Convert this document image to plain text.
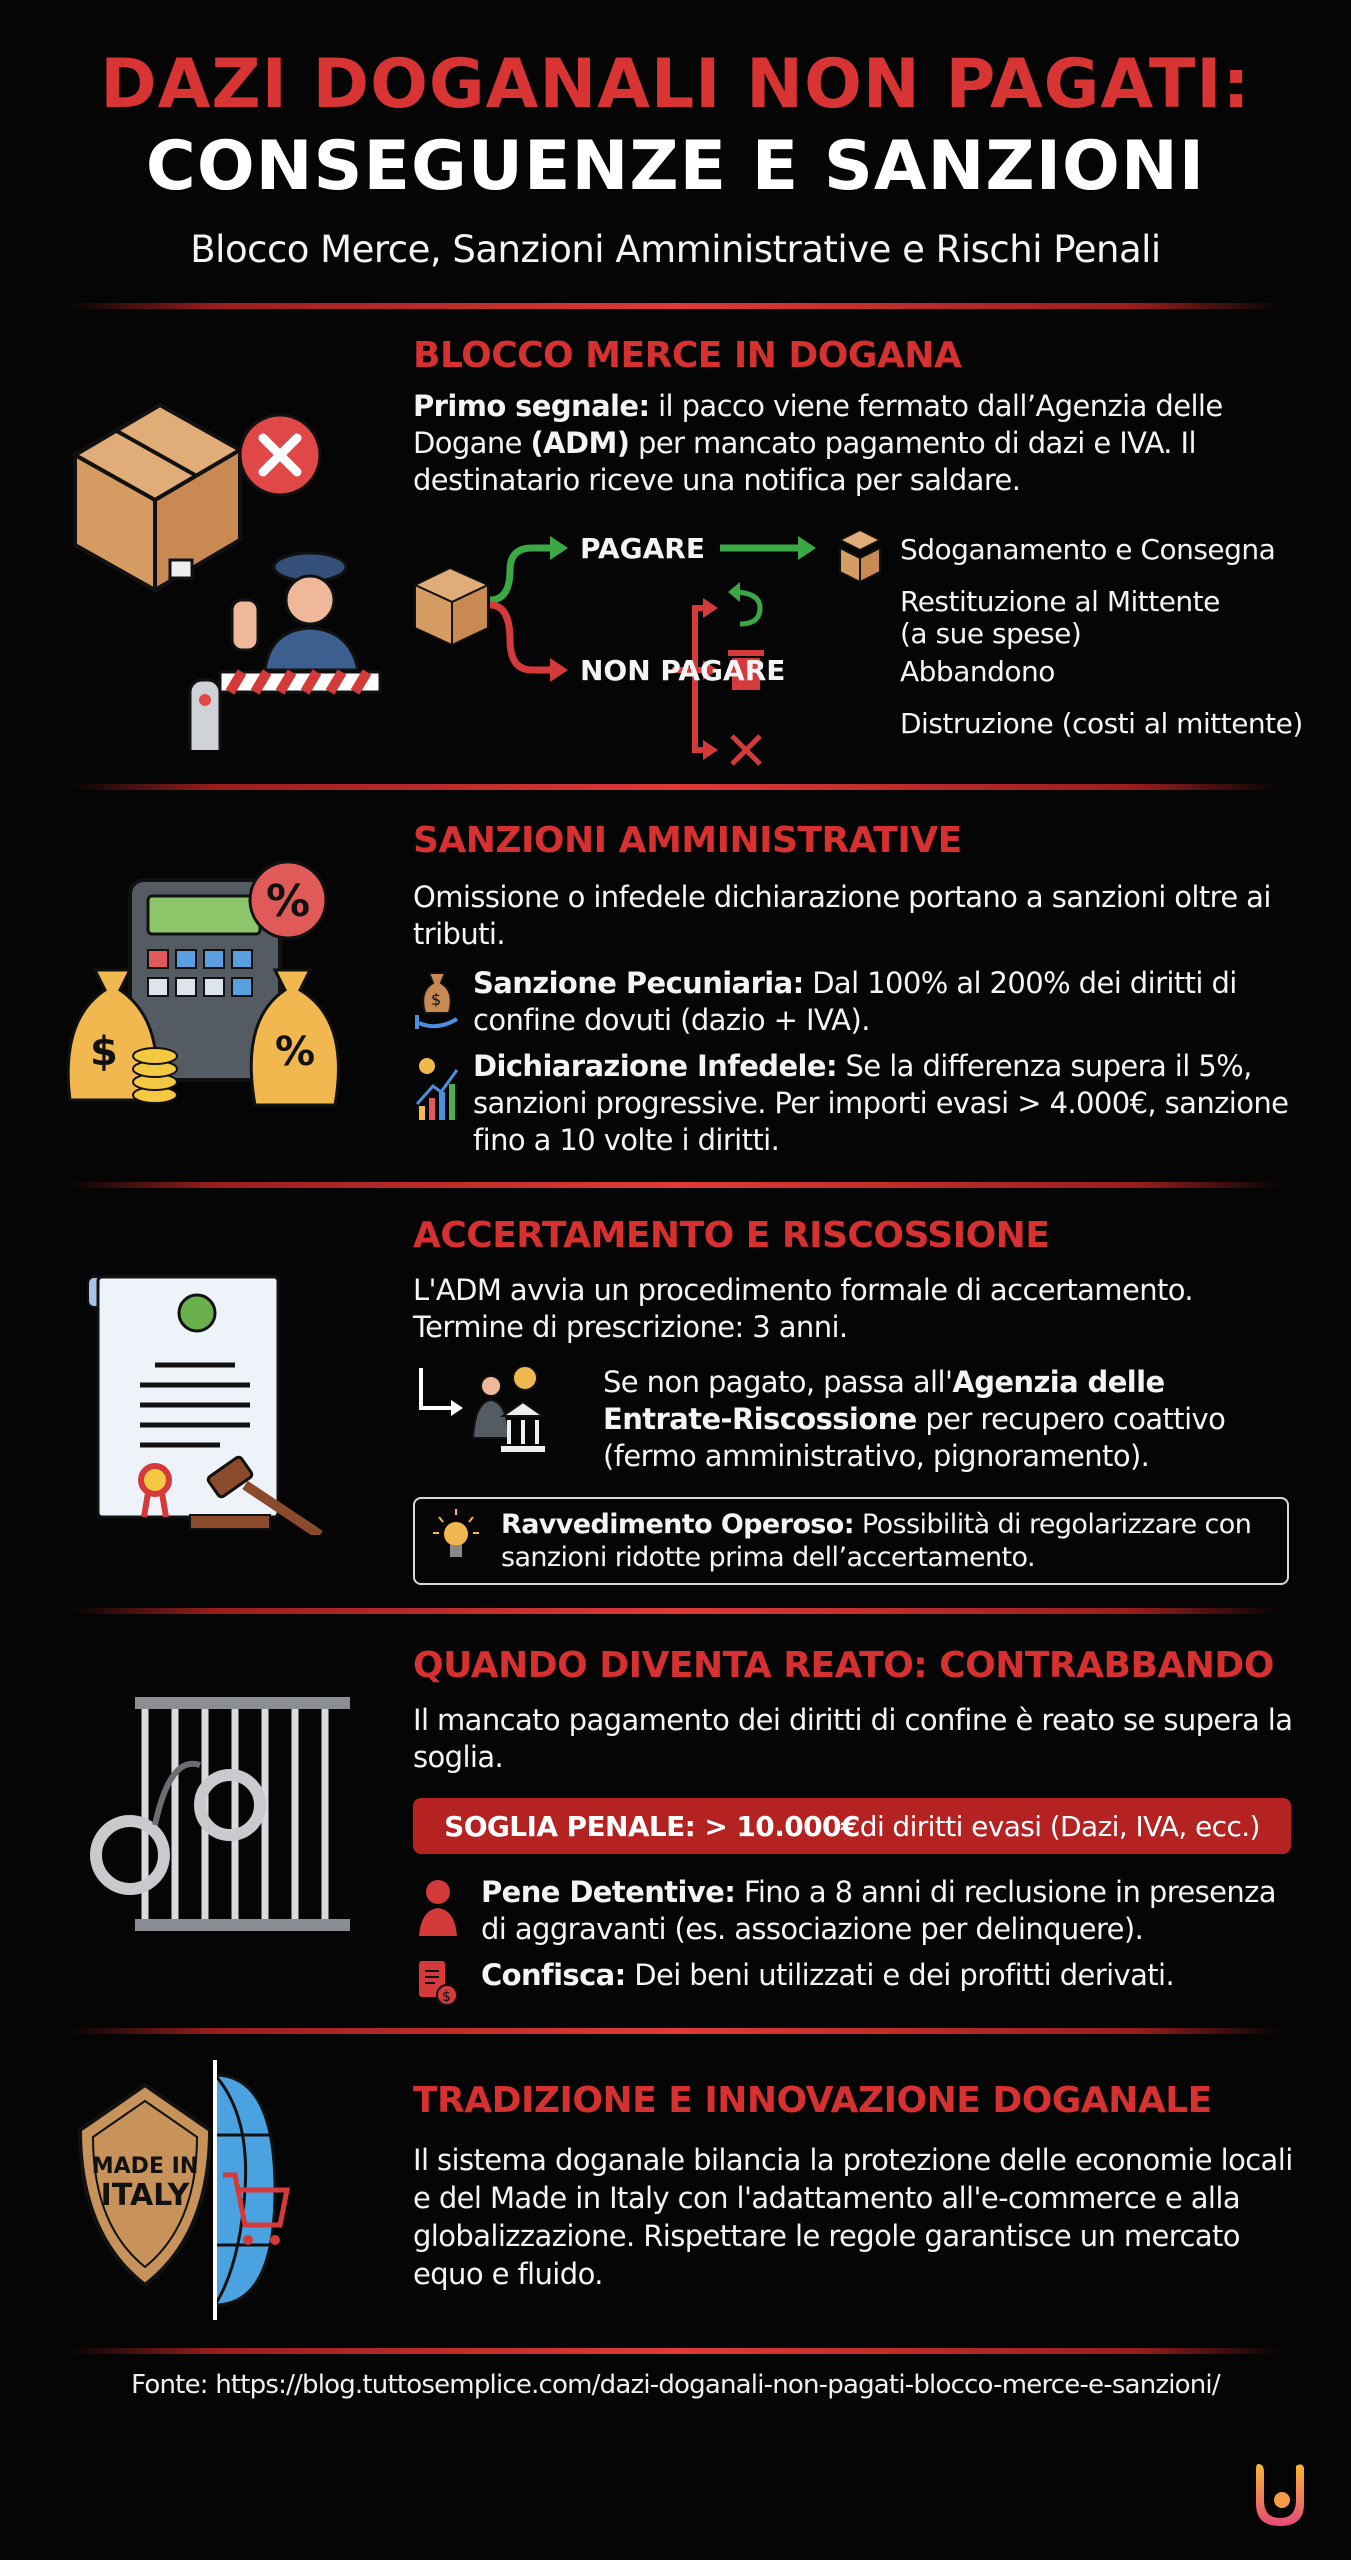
DAZI DOGANALI NON PAGATI:
CONSEGUENZE E SANZIONI
Blocco Merce, Sanzioni Amministrative e Rischi Penali
BLOCCO MERCE IN DOGANA
Primo segnale: il pacco viene fermato dall’Agenzia delle Dogane (ADM) per mancato pagamento di dazi e IVA. Il destinatario riceve una notifica per saldare.
PAGARE	Sdoganamento e Consegna
NON PAGARE
Restituzione al Mittente
(a sue spese)
Abbandono
Distruzione (costi al mittente)
%
$	%
SANZIONI AMMINISTRATIVE
Omissione o infedele dichiarazione portano a sanzioni oltre ai tributi.
$ Sanzione Pecuniaria: Dal 100% al 200% dei diritti di confine dovuti (dazio + IVA).
Dichiarazione Infedele: Se la differenza supera il 5%, sanzioni progressive. Per importi evasi > 4.000€, sanzione fino a 10 volte i diritti.
ACCERTAMENTO E RISCOSSIONE
L'ADM avvia un procedimento formale di accertamento. Termine di prescrizione: 3 anni.
Se non pagato, passa all'Agenzia delle Entrate-Riscossione per recupero coattivo (fermo amministrativo, pignoramento).
Ravvedimento Operoso: Possibilità di regolarizzare con sanzioni ridotte prima dell’accertamento.
QUANDO DIVENTA REATO: CONTRABBANDO
Il mancato pagamento dei diritti di confine è reato se supera la soglia.
SOGLIA PENALE: > 10.000€ di diritti evasi (Dazi, IVA, ecc.)
Pene Detentive: Fino a 8 anni di reclusione in presenza di aggravanti (es. associazione per delinquere).
$
Confisca: Dei beni utilizzati e dei profitti derivati.
MADE IN
ITALY
TRADIZIONE E INNOVAZIONE DOGANALE
Il sistema doganale bilancia la protezione delle economie locali e del Made in Italy con l'adattamento all'e-commerce e alla globalizzazione. Rispettare le regole garantisce un mercato equo e fluido.
Fonte: https://blog.tuttosemplice.com/dazi-doganali-non-pagati-blocco-merce-e-sanzioni/
